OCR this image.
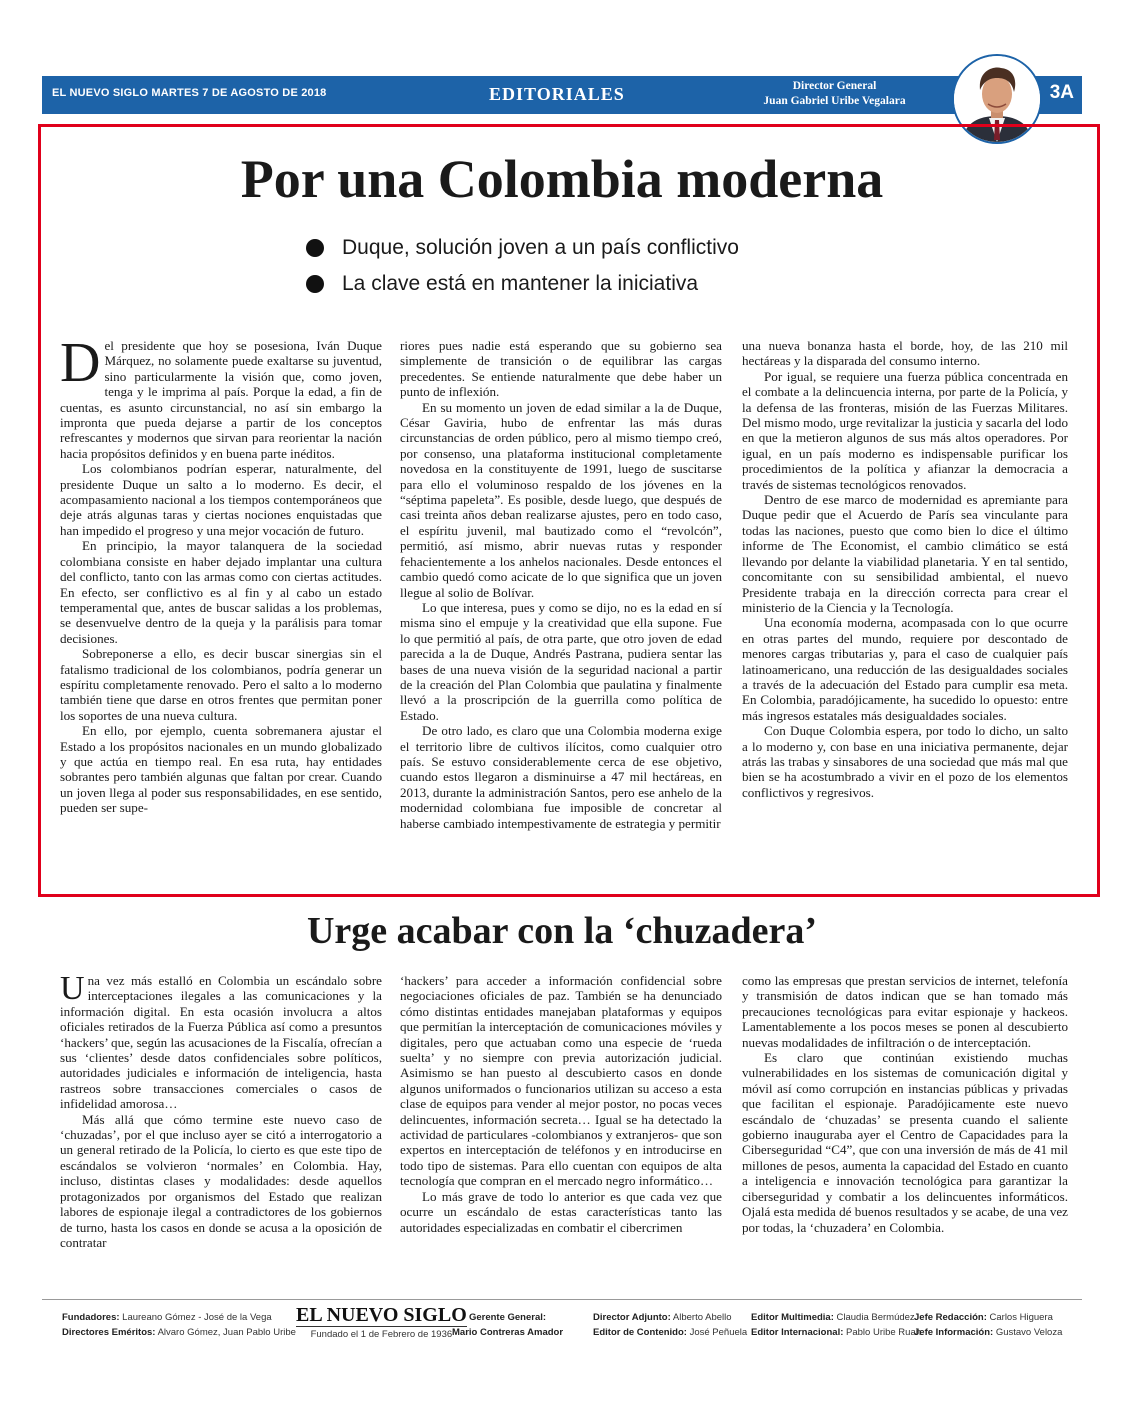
EL NUEVO SIGLO MARTES 7 DE AGOSTO DE 2018	EDITORIALES	Director General
Juan Gabriel Uribe Vegalara	3A
Por una Colombia moderna
Duque, solución joven a un país conflictivo
La clave está en mantener la iniciativa

Del presidente que hoy se posesiona, Iván Duque Márquez, no solamente puede exaltarse su juventud, sino particularmente la visión que, como joven, tenga y le imprima al país. Porque la edad, a fin de cuentas, es asunto circunstancial, no así sin embargo la impronta que pueda dejarse a partir de los conceptos refrescantes y modernos que sirvan para reorientar la nación hacia propósitos definidos y en buena parte inéditos.

Los colombianos podrían esperar, naturalmente, del presidente Duque un salto a lo moderno. Es decir, el acompasamiento nacional a los tiempos contemporáneos que deje atrás algunas taras y ciertas nociones enquistadas que han impedido el progreso y una mejor vocación de futuro.

En principio, la mayor talanquera de la sociedad colombiana consiste en haber dejado implantar una cultura del conflicto, tanto con las armas como con ciertas actitudes. En efecto, ser conflictivo es al fin y al cabo un estado temperamental que, antes de buscar salidas a los problemas, se desenvuelve dentro de la queja y la parálisis para tomar decisiones.

Sobreponerse a ello, es decir buscar sinergias sin el fatalismo tradicional de los colombianos, podría generar un espíritu completamente renovado. Pero el salto a lo moderno también tiene que darse en otros frentes que permitan poner los soportes de una nueva cultura.

En ello, por ejemplo, cuenta sobremanera ajustar el Estado a los propósitos nacionales en un mundo globalizado y que actúa en tiempo real. En esa ruta, hay entidades sobrantes pero también algunas que faltan por crear. Cuando un joven llega al poder sus responsabilidades, en ese sentido, pueden ser supe-

riores pues nadie está esperando que su gobierno sea simplemente de transición o de equilibrar las cargas precedentes. Se entiende naturalmente que debe haber un punto de inflexión.

En su momento un joven de edad similar a la de Duque, César Gaviria, hubo de enfrentar las más duras circunstancias de orden público, pero al mismo tiempo creó, por consenso, una plataforma institucional completamente novedosa en la constituyente de 1991, luego de suscitarse para ello el voluminoso respaldo de los jóvenes en la “séptima papeleta”. Es posible, desde luego, que después de casi treinta años deban realizarse ajustes, pero en todo caso, el espíritu juvenil, mal bautizado como el “revolcón”, permitió, así mismo, abrir nuevas rutas y responder fehacientemente a los anhelos nacionales. Desde entonces el cambio quedó como acicate de lo que significa que un joven llegue al solio de Bolívar.

Lo que interesa, pues y como se dijo, no es la edad en sí misma sino el empuje y la creatividad que ella supone. Fue lo que permitió al país, de otra parte, que otro joven de edad parecida a la de Duque, Andrés Pastrana, pudiera sentar las bases de una nueva visión de la seguridad nacional a partir de la creación del Plan Colombia que paulatina y finalmente llevó a la proscripción de la guerrilla como política de Estado.

De otro lado, es claro que una Colombia moderna exige el territorio libre de cultivos ilícitos, como cualquier otro país. Se estuvo considerablemente cerca de ese objetivo, cuando estos llegaron a disminuirse a 47 mil hectáreas, en 2013, durante la administración Santos, pero ese anhelo de la modernidad colombiana fue imposible de concretar al haberse cambiado intempestivamente de estrategia y permitir

una nueva bonanza hasta el borde, hoy, de las 210 mil hectáreas y la disparada del consumo interno.

Por igual, se requiere una fuerza pública concentrada en el combate a la delincuencia interna, por parte de la Policía, y la defensa de las fronteras, misión de las Fuerzas Militares. Del mismo modo, urge revitalizar la justicia y sacarla del lodo en que la metieron algunos de sus más altos operadores. Por igual, en un país moderno es indispensable purificar los procedimientos de la política y afianzar la democracia a través de sistemas tecnológicos renovados.

Dentro de ese marco de modernidad es apremiante para Duque pedir que el Acuerdo de París sea vinculante para todas las naciones, puesto que como bien lo dice el último informe de The Economist, el cambio climático se está llevando por delante la viabilidad planetaria. Y en tal sentido, concomitante con su sensibilidad ambiental, el nuevo Presidente trabaja en la dirección correcta para crear el ministerio de la Ciencia y la Tecnología.

Una economía moderna, acompasada con lo que ocurre en otras partes del mundo, requiere por descontado de menores cargas tributarias y, para el caso de cualquier país latinoamericano, una reducción de las desigualdades sociales a través de la adecuación del Estado para cumplir esa meta. En Colombia, paradójicamente, ha sucedido lo opuesto: entre más ingresos estatales más desigualdades sociales.

Con Duque Colombia espera, por todo lo dicho, un salto a lo moderno y, con base en una iniciativa permanente, dejar atrás las trabas y sinsabores de una sociedad que más mal que bien se ha acostumbrado a vivir en el pozo de los elementos conflictivos y regresivos.

Urge acabar con la ‘chuzadera’

Una vez más estalló en Colombia un escándalo sobre interceptaciones ilegales a las comunicaciones y la información digital. En esta ocasión involucra a altos oficiales retirados de la Fuerza Pública así como a presuntos ‘hackers’ que, según las acusaciones de la Fiscalía, ofrecían a sus ‘clientes’ desde datos confidenciales sobre políticos, autoridades judiciales e información de inteligencia, hasta rastreos sobre transacciones comerciales o casos de infidelidad amorosa…

Más allá que cómo termine este nuevo caso de ‘chuzadas’, por el que incluso ayer se citó a interrogatorio a un general retirado de la Policía, lo cierto es que este tipo de escándalos se volvieron ‘normales’ en Colombia. Hay, incluso, distintas clases y modalidades: desde aquellos protagonizados por organismos del Estado que realizan labores de espionaje ilegal a contradictores de los gobiernos de turno, hasta los casos en donde se acusa a la oposición de contratar

‘hackers’ para acceder a información confidencial sobre negociaciones oficiales de paz. También se ha denunciado cómo distintas entidades manejaban plataformas y equipos que permitían la interceptación de comunicaciones móviles y digitales, pero que actuaban como una especie de ‘rueda suelta’ y no siempre con previa autorización judicial. Asimismo se han puesto al descubierto casos en donde algunos uniformados o funcionarios utilizan su acceso a esta clase de equipos para vender al mejor postor, no pocas veces delincuentes, información secreta… Igual se ha detectado la actividad de particulares -colombianos y extranjeros- que son expertos en interceptación de teléfonos y en introducirse en todo tipo de sistemas. Para ello cuentan con equipos de alta tecnología que compran en el mercado negro informático…

Lo más grave de todo lo anterior es que cada vez que ocurre un escándalo de estas características tanto las autoridades especializadas en combatir el cibercrimen

como las empresas que prestan servicios de internet, telefonía y transmisión de datos indican que se han tomado más precauciones tecnológicas para evitar espionaje y hackeos. Lamentablemente a los pocos meses se ponen al descubierto nuevas modalidades de infiltración o de interceptación.

Es claro que continúan existiendo muchas vulnerabilidades en los sistemas de comunicación digital y móvil así como corrupción en instancias públicas y privadas que facilitan el espionaje. Paradójicamente este nuevo escándalo de ‘chuzadas’ se presenta cuando el saliente gobierno inauguraba ayer el Centro de Capacidades para la Ciberseguridad “C4”, que con una inversión de más de 41 mil millones de pesos, aumenta la capacidad del Estado en cuanto a inteligencia e innovación tecnológica para garantizar la ciberseguridad y combatir a los delincuentes informáticos. Ojalá esta medida dé buenos resultados y se acabe, de una vez por todas, la ‘chuzadera’ en Colombia.

Fundadores: Laureano Gómez - José de la Vega
Directores Eméritos: Alvaro Gómez, Juan Pablo Uribe
EL NUEVO SIGLO
Fundado el 1 de Febrero de 1936
Gerente General:
Mario Contreras Amador
Director Adjunto: Alberto Abello
Editor de Contenido: José Peñuela
Editor Multimedia: Claudia Bermúdez
Editor Internacional: Pablo Uribe Ruan
Jefe Redacción: Carlos Higuera
Jefe Información: Gustavo Veloza
